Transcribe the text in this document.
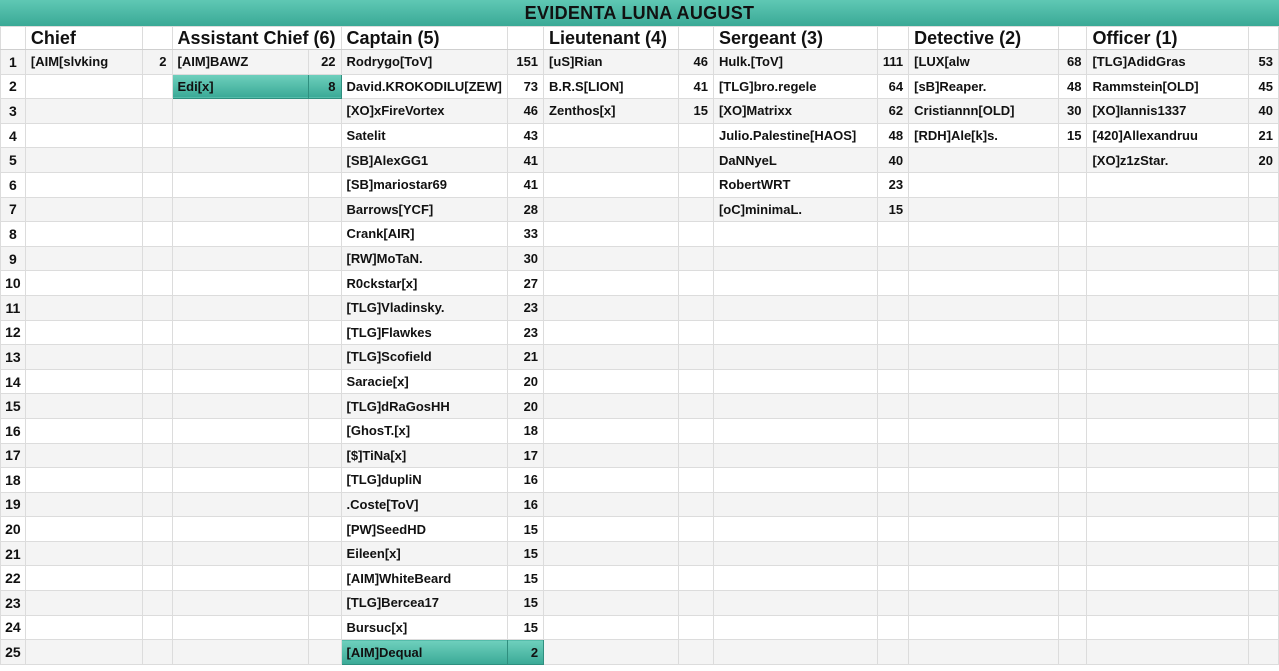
EVIDENTA LUNA AUGUST
	Chief		Assistant Chief (6)		Captain (5)		Lieutenant (4)		Sergeant (3)		Detective (2)		Officer (1)	
1	[AIM[slvking	2	[AIM]BAWZ	22	Rodrygo[ToV]	151	[uS]Rian	46	Hulk.[ToV]	111	[LUX[alw	68	[TLG]AdidGras	53
2			Edi[x]	8	David.KROKODILU[ZEW]	73	B.R.S[LION]	41	[TLG]bro.regele	64	[sB]Reaper.	48	Rammstein[OLD]	45
3					[XO]xFireVortex	46	Zenthos[x]	15	[XO]Matrixx	62	Cristiannn[OLD]	30	[XO]Iannis1337	40
4					Satelit	43			Julio.Palestine[HAOS]	48	[RDH]Ale[k]s.	15	[420]Allexandruu	21
5					[SB]AlexGG1	41			DaNNyeL	40			[XO]z1zStar.	20
6					[SB]mariostar69	41			RobertWRT	23				
7					Barrows[YCF]	28			[oC]minimaL.	15				
8					Crank[AIR]	33								
9					[RW]MoTaN.	30								
10					R0ckstar[x]	27								
11					[TLG]Vladinsky.	23								
12					[TLG]Flawkes	23								
13					[TLG]Scofield	21								
14					Saracie[x]	20								
15					[TLG]dRaGosHH	20								
16					[GhosT.[x]	18								
17					[$]TiNa[x]	17								
18					[TLG]dupliN	16								
19					.Coste[ToV]	16								
20					[PW]SeedHD	15								
21					Eileen[x]	15								
22					[AIM]WhiteBeard	15								
23					[TLG]Bercea17	15								
24					Bursuc[x]	15								
25					[AIM]Dequal	2								
